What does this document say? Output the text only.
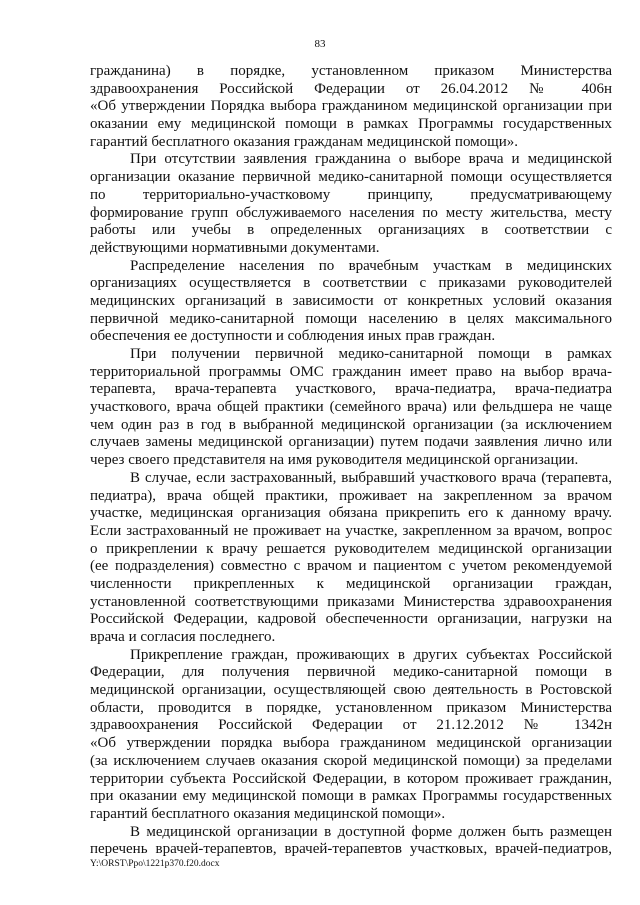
83
гражданина) в порядке, установленном приказом Министерства
здравоохранения Российской Федерации от 26.04.2012 № 406н
«Об утверждении Порядка выбора гражданином медицинской организации при
оказании ему медицинской помощи в рамках Программы государственных
гарантий бесплатного оказания гражданам медицинской помощи».
При отсутствии заявления гражданина о выборе врача и медицинской
организации оказание первичной медико-санитарной помощи осуществляется
по территориально-участковому принципу, предусматривающему
формирование групп обслуживаемого населения по месту жительства, месту
работы или учебы в определенных организациях в соответствии с
действующими нормативными документами.
Распределение населения по врачебным участкам в медицинских
организациях осуществляется в соответствии с приказами руководителей
медицинских организаций в зависимости от конкретных условий оказания
первичной медико-санитарной помощи населению в целях максимального
обеспечения ее доступности и соблюдения иных прав граждан.
При получении первичной медико-санитарной помощи в рамках
территориальной программы ОМС гражданин имеет право на выбор врача-
терапевта, врача-терапевта участкового, врача-педиатра, врача-педиатра
участкового, врача общей практики (семейного врача) или фельдшера не чаще
чем один раз в год в выбранной медицинской организации (за исключением
случаев замены медицинской организации) путем подачи заявления лично или
через своего представителя на имя руководителя медицинской организации.
В случае, если застрахованный, выбравший участкового врача (терапевта,
педиатра), врача общей практики, проживает на закрепленном за врачом
участке, медицинская организация обязана прикрепить его к данному врачу.
Если застрахованный не проживает на участке, закрепленном за врачом, вопрос
о прикреплении к врачу решается руководителем медицинской организации
(ее подразделения) совместно с врачом и пациентом с учетом рекомендуемой
численности прикрепленных к медицинской организации граждан,
установленной соответствующими приказами Министерства здравоохранения
Российской Федерации, кадровой обеспеченности организации, нагрузки на
врача и согласия последнего.
Прикрепление граждан, проживающих в других субъектах Российской
Федерации, для получения первичной медико-санитарной помощи в
медицинской организации, осуществляющей свою деятельность в Ростовской
области, проводится в порядке, установленном приказом Министерства
здравоохранения Российской Федерации от 21.12.2012 № 1342н
«Об утверждении порядка выбора гражданином медицинской организации
(за исключением случаев оказания скорой медицинской помощи) за пределами
территории субъекта Российской Федерации, в котором проживает гражданин,
при оказании ему медицинской помощи в рамках Программы государственных
гарантий бесплатного оказания медицинской помощи».
В медицинской организации в доступной форме должен быть размещен
перечень врачей-терапевтов, врачей-терапевтов участковых, врачей-педиатров,
Y:\ORST\Ppo\1221p370.f20.docx
